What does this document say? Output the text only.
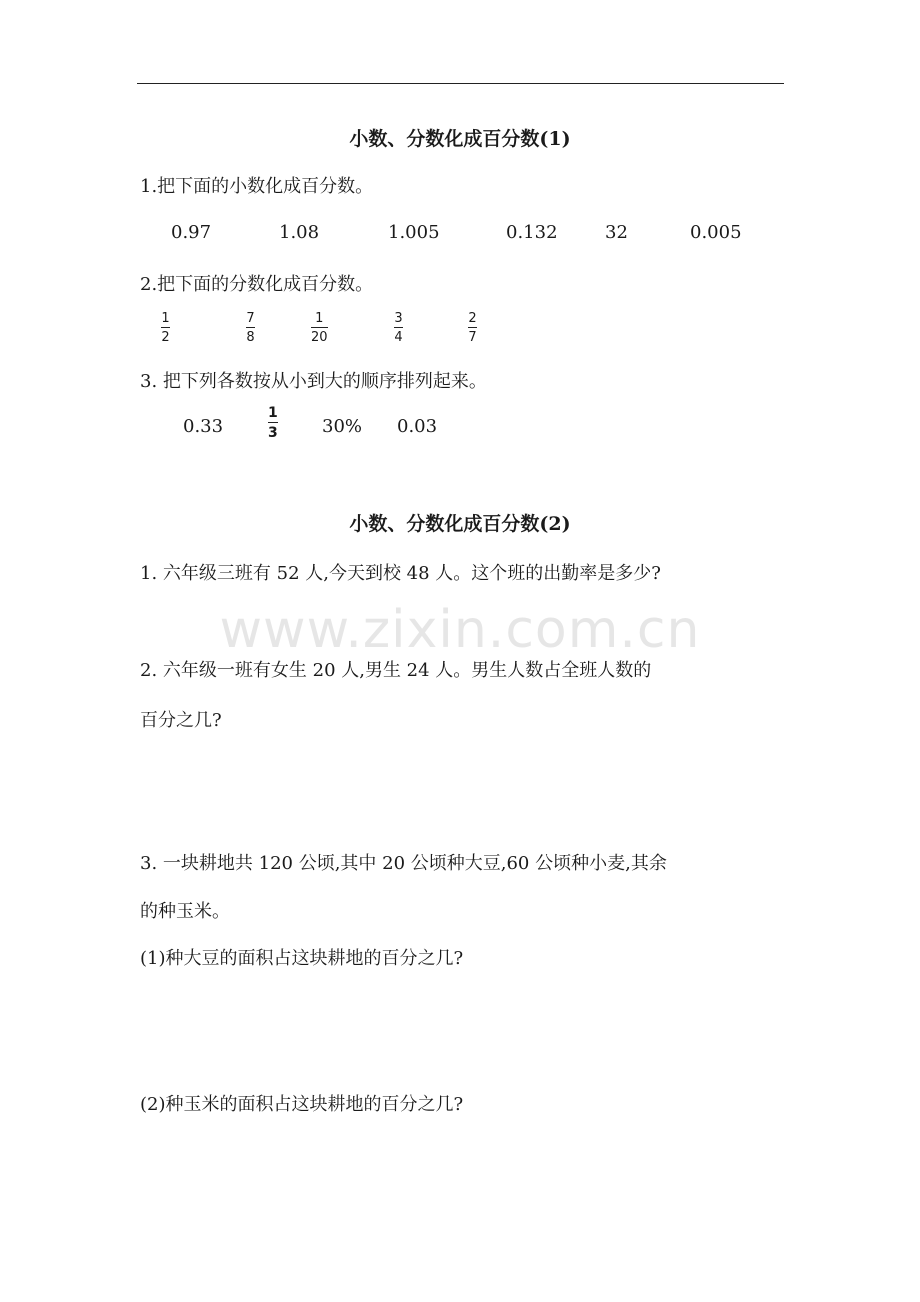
www.zixin.com.cn
小数、分数化成百分数(1)
1.把下面的小数化成百分数。
0.97	1.08	1.005	0.132	32	0.005
2.把下面的分数化成百分数。
1
2
7
8
1
20
3
4
2
7
3. 把下列各数按从小到大的顺序排列起来。
0.33
1
3 30% 0.03
小数、分数化成百分数(2)
1. 六年级三班有 52 人,今天到校 48 人。这个班的出勤率是多少?
2. 六年级一班有女生 20 人,男生 24 人。男生人数占全班人数的
百分之几?
3. 一块耕地共 120 公顷,其中 20 公顷种大豆,60 公顷种小麦,其余
的种玉米。
(1)种大豆的面积占这块耕地的百分之几?
(2)种玉米的面积占这块耕地的百分之几?
